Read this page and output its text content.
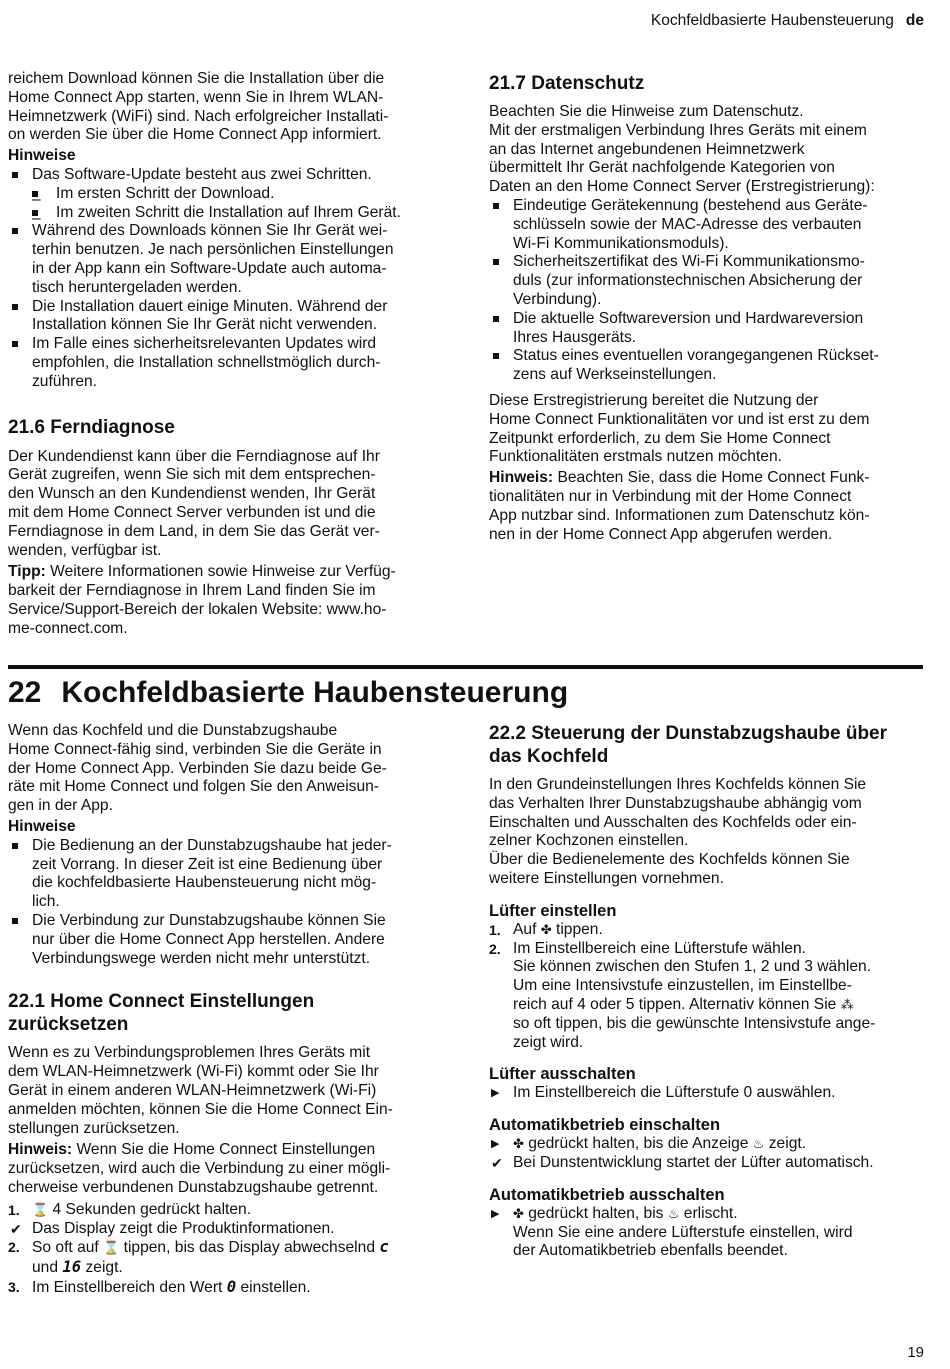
Kochfeldbasierte Haubensteuerung de

reichem Download können Sie die Installation über die
Home Connect App starten, wenn Sie in Ihrem WLAN-
Heimnetzwerk (WiFi) sind. Nach erfolgreicher Installati-
on werden Sie über die Home Connect App informiert.

Hinweise
Das Software-Update besteht aus zwei Schritten.
– Im ersten Schritt der Download.
– Im zweiten Schritt die Installation auf Ihrem Gerät.
Während des Downloads können Sie Ihr Gerät wei-
terhin benutzen. Je nach persönlichen Einstellungen
in der App kann ein Software-Update auch automa-
tisch heruntergeladen werden.
Die Installation dauert einige Minuten. Während der
Installation können Sie Ihr Gerät nicht verwenden.
Im Falle eines sicherheitsrelevanten Updates wird
empfohlen, die Installation schnellstmöglich durch-
zuführen.
21.6 Ferndiagnose

Der Kundendienst kann über die Ferndiagnose auf Ihr
Gerät zugreifen, wenn Sie sich mit dem entsprechen-
den Wunsch an den Kundendienst wenden, Ihr Gerät
mit dem Home Connect Server verbunden ist und die
Ferndiagnose in dem Land, in dem Sie das Gerät ver-
wenden, verfügbar ist.

Tipp: Weitere Informationen sowie Hinweise zur Verfüg-
barkeit der Ferndiagnose in Ihrem Land finden Sie im
Service/Support-Bereich der lokalen Website: www.ho-
me-connect.com.

21.7 Datenschutz

Beachten Sie die Hinweise zum Datenschutz.
Mit der erstmaligen Verbindung Ihres Geräts mit einem
an das Internet angebundenen Heimnetzwerk
übermittelt Ihr Gerät nachfolgende Kategorien von
Daten an den Home Connect Server (Erstregistrierung):

Eindeutige Gerätekennung (bestehend aus Geräte-
schlüsseln sowie der MAC-Adresse des verbauten
Wi-Fi Kommunikationsmoduls).
Sicherheitszertifikat des Wi-Fi Kommunikationsmo-
duls (zur informationstechnischen Absicherung der
Verbindung).
Die aktuelle Softwareversion und Hardwareversion
Ihres Hausgeräts.
Status eines eventuellen vorangegangenen Rückset-
zens auf Werkseinstellungen.

Diese Erstregistrierung bereitet die Nutzung der
Home Connect Funktionalitäten vor und ist erst zu dem
Zeitpunkt erforderlich, zu dem Sie Home Connect
Funktionalitäten erstmals nutzen möchten.

Hinweis: Beachten Sie, dass die Home Connect Funk-
tionalitäten nur in Verbindung mit der Home Connect
App nutzbar sind. Informationen zum Datenschutz kön-
nen in der Home Connect App abgerufen werden.

22 Kochfeldbasierte Haubensteuerung

Wenn das Kochfeld und die Dunstabzugshaube
Home Connect-fähig sind, verbinden Sie die Geräte in
der Home Connect App. Verbinden Sie dazu beide Ge-
räte mit Home Connect und folgen Sie den Anweisun-
gen in der App.

Hinweise
Die Bedienung an der Dunstabzugshaube hat jeder-
zeit Vorrang. In dieser Zeit ist eine Bedienung über
die kochfeldbasierte Haubensteuerung nicht mög-
lich.
Die Verbindung zur Dunstabzugshaube können Sie
nur über die Home Connect App herstellen. Andere
Verbindungswege werden nicht mehr unterstützt.
22.1 Home Connect Einstellungen
zurücksetzen

Wenn es zu Verbindungsproblemen Ihres Geräts mit
dem WLAN-Heimnetzwerk (Wi-Fi) kommt oder Sie Ihr
Gerät in einem anderen WLAN-Heimnetzwerk (Wi-Fi)
anmelden möchten, können Sie die Home Connect Ein-
stellungen zurücksetzen.

Hinweis: Wenn Sie die Home Connect Einstellungen
zurücksetzen, wird auch die Verbindung zu einer mögli-
cherweise verbundenen Dunstabzugshaube getrennt.

1. ⌛ 4 Sekunden gedrückt halten.
✔ Das Display zeigt die Produktinformationen.
2. So oft auf ⌛ tippen, bis das Display abwechselnd c
und 16 zeigt.
3. Im Einstellbereich den Wert 0 einstellen.
22.2 Steuerung der Dunstabzugshaube über
das Kochfeld

In den Grundeinstellungen Ihres Kochfelds können Sie
das Verhalten Ihrer Dunstabzugshaube abhängig vom
Einschalten und Ausschalten des Kochfelds oder ein-
zelner Kochzonen einstellen.
Über die Bedienelemente des Kochfelds können Sie
weitere Einstellungen vornehmen.

Lüfter einstellen
1. Auf ✤ tippen.
2. Im Einstellbereich eine Lüfterstufe wählen.
Sie können zwischen den Stufen 1, 2 und 3 wählen.
Um eine Intensivstufe einzustellen, im Einstellbe-
reich auf 4 oder 5 tippen. Alternativ können Sie ⁂
so oft tippen, bis die gewünschte Intensivstufe ange-
zeigt wird.
Lüfter ausschalten
▶ Im Einstellbereich die Lüfterstufe 0 auswählen.
Automatikbetrieb einschalten
▶ ✤ gedrückt halten, bis die Anzeige ♨ zeigt.
✔ Bei Dunstentwicklung startet der Lüfter automatisch.
Automatikbetrieb ausschalten
▶ ✤ gedrückt halten, bis ♨ erlischt.
Wenn Sie eine andere Lüfterstufe einstellen, wird
der Automatikbetrieb ebenfalls beendet.
19
